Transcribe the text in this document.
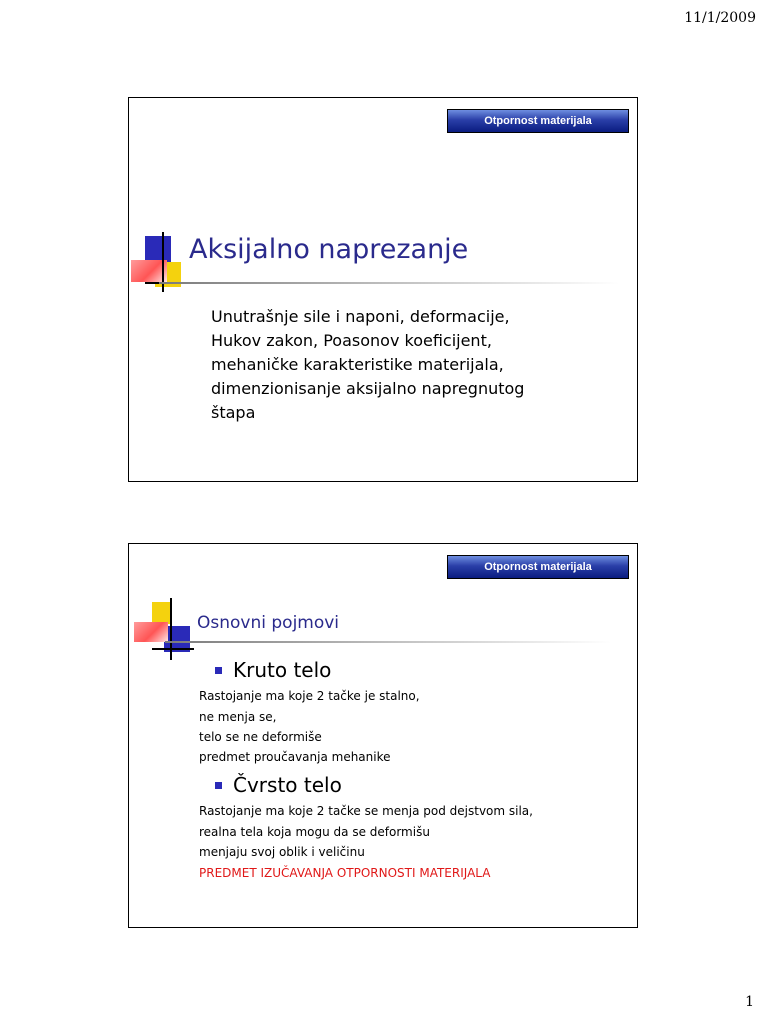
11/1/2009
Otpornost materijala
Aksijalno naprezanje
Unutrašnje sile i naponi, deformacije,
Hukov zakon, Poasonov koeficijent,
mehaničke karakteristike materijala,
dimenzionisanje aksijalno napregnutog
štapa
Otpornost materijala
Osnovni pojmovi
Kruto telo
Rastojanje ma koje 2 tačke je stalno,
ne menja se,
telo se ne deformiše
predmet proučavanja mehanike
Čvrsto telo
Rastojanje ma koje 2 tačke se menja pod dejstvom sila,
realna tela koja mogu da se deformišu
menjaju svoj oblik i veličinu
PREDMET IZUČAVANJA OTPORNOSTI MATERIJALA
1
